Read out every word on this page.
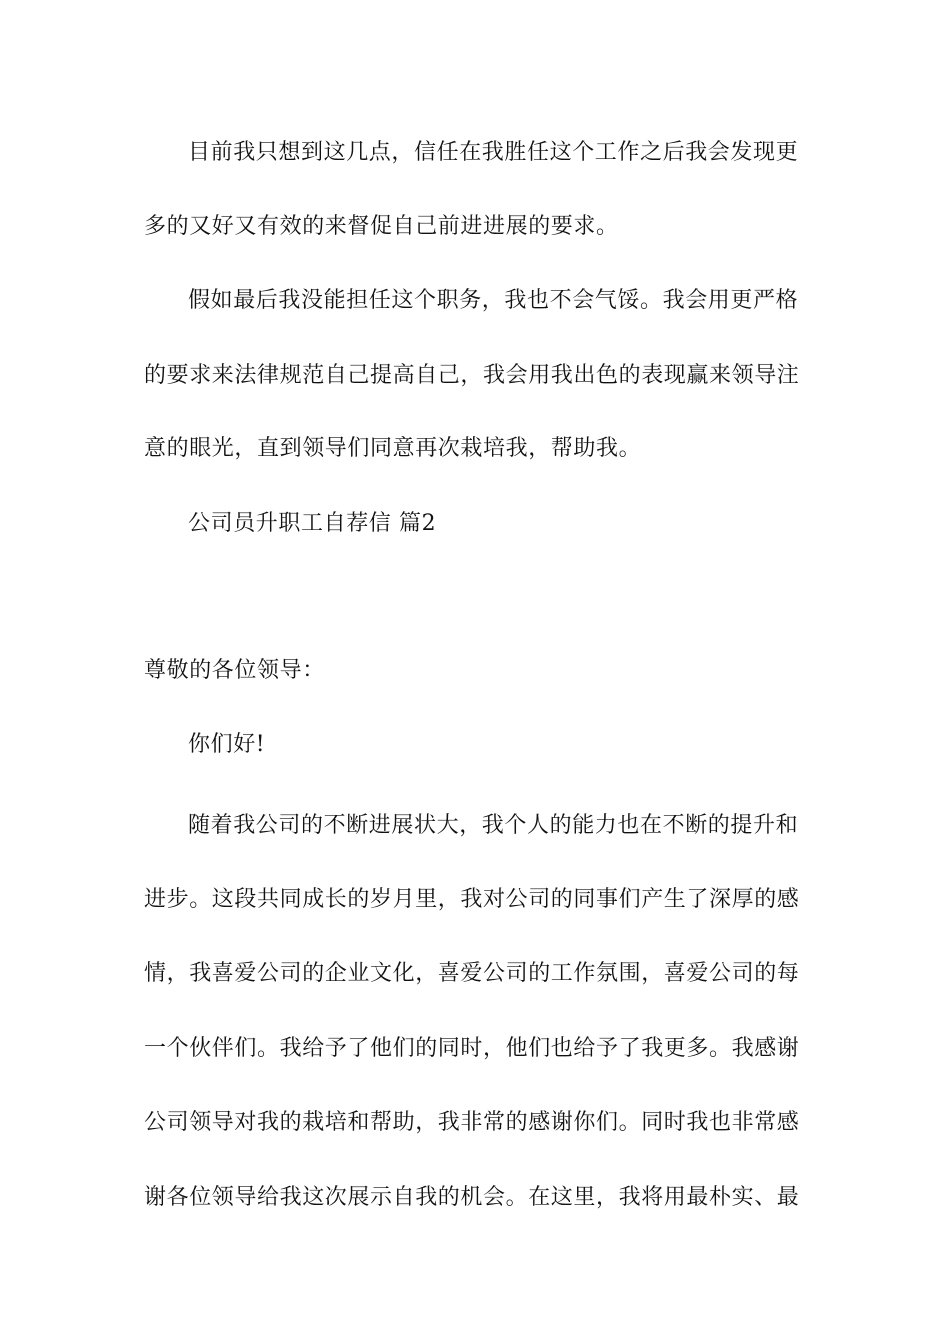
目前我只想到这几点，信任在我胜任这个工作之后我会发现更
多的又好又有效的来督促自己前进进展的要求。
假如最后我没能担任这个职务，我也不会气馁。我会用更严格
的要求来法律规范自己提高自己，我会用我出色的表现赢来领导注
意的眼光，直到领导们同意再次栽培我，帮助我。
公司员升职工自荐信 篇2
尊敬的各位领导：
你们好!
随着我公司的不断进展状大，我个人的能力也在不断的提升和
进步。这段共同成长的岁月里，我对公司的同事们产生了深厚的感
情，我喜爱公司的企业文化，喜爱公司的工作氛围，喜爱公司的每
一个伙伴们。我给予了他们的同时，他们也给予了我更多。我感谢
公司领导对我的栽培和帮助，我非常的感谢你们。同时我也非常感
谢各位领导给我这次展示自我的机会。在这里，我将用最朴实、最
